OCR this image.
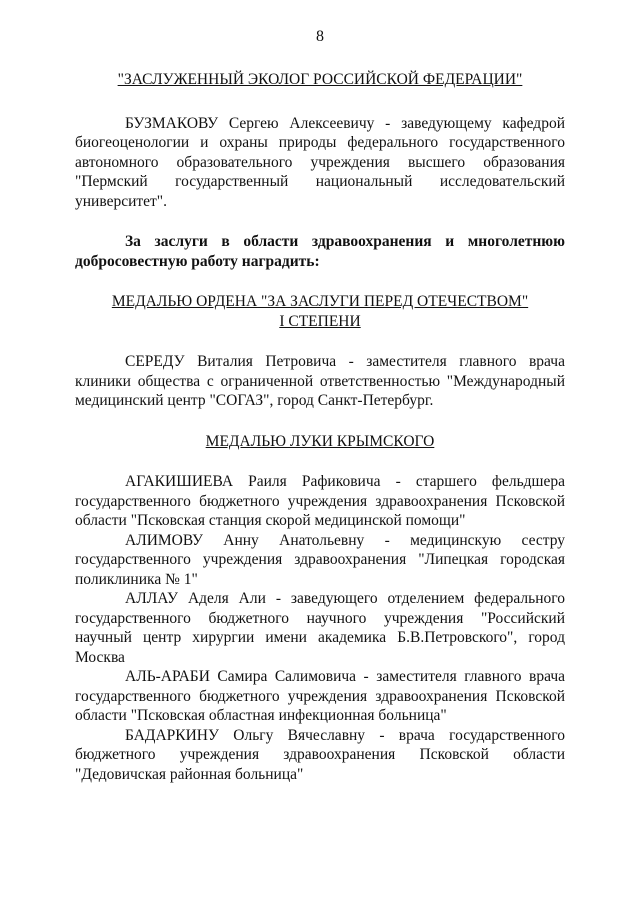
8

"ЗАСЛУЖЕННЫЙ ЭКОЛОГ РОССИЙСКОЙ ФЕДЕРАЦИИ"

БУЗМАКОВУ Сергею Алексеевичу - заведующему кафедрой биогеоценологии и охраны природы федерального государственного автономного образовательного учреждения высшего образования "Пермский государственный национальный исследовательский университет".

За заслуги в области здравоохранения и многолетнюю добросовестную работу наградить:

МЕДАЛЬЮ ОРДЕНА "ЗА ЗАСЛУГИ ПЕРЕД ОТЕЧЕСТВОМ"

I СТЕПЕНИ

СЕРЕДУ Виталия Петровича - заместителя главного врача клиники общества с ограниченной ответственностью "Международный медицинский центр "СОГАЗ", город Санкт-Петербург.

МЕДАЛЬЮ ЛУКИ КРЫМСКОГО

АГАКИШИЕВА Раиля Рафиковича - старшего фельдшера государственного бюджетного учреждения здравоохранения Псковской области "Псковская станция скорой медицинской помощи"

АЛИМОВУ Анну Анатольевну - медицинскую сестру государственного учреждения здравоохранения "Липецкая городская поликлиника № 1"

АЛЛАУ Аделя Али - заведующего отделением федерального государственного бюджетного научного учреждения "Российский научный центр хирургии имени академика Б.В.Петровского", город Москва

АЛЬ-АРАБИ Самира Салимовича - заместителя главного врача государственного бюджетного учреждения здравоохранения Псковской области "Псковская областная инфекционная больница"

БАДАРКИНУ Ольгу Вячеславну - врача государственного бюджетного учреждения здравоохранения Псковской области "Дедовичская районная больница"
